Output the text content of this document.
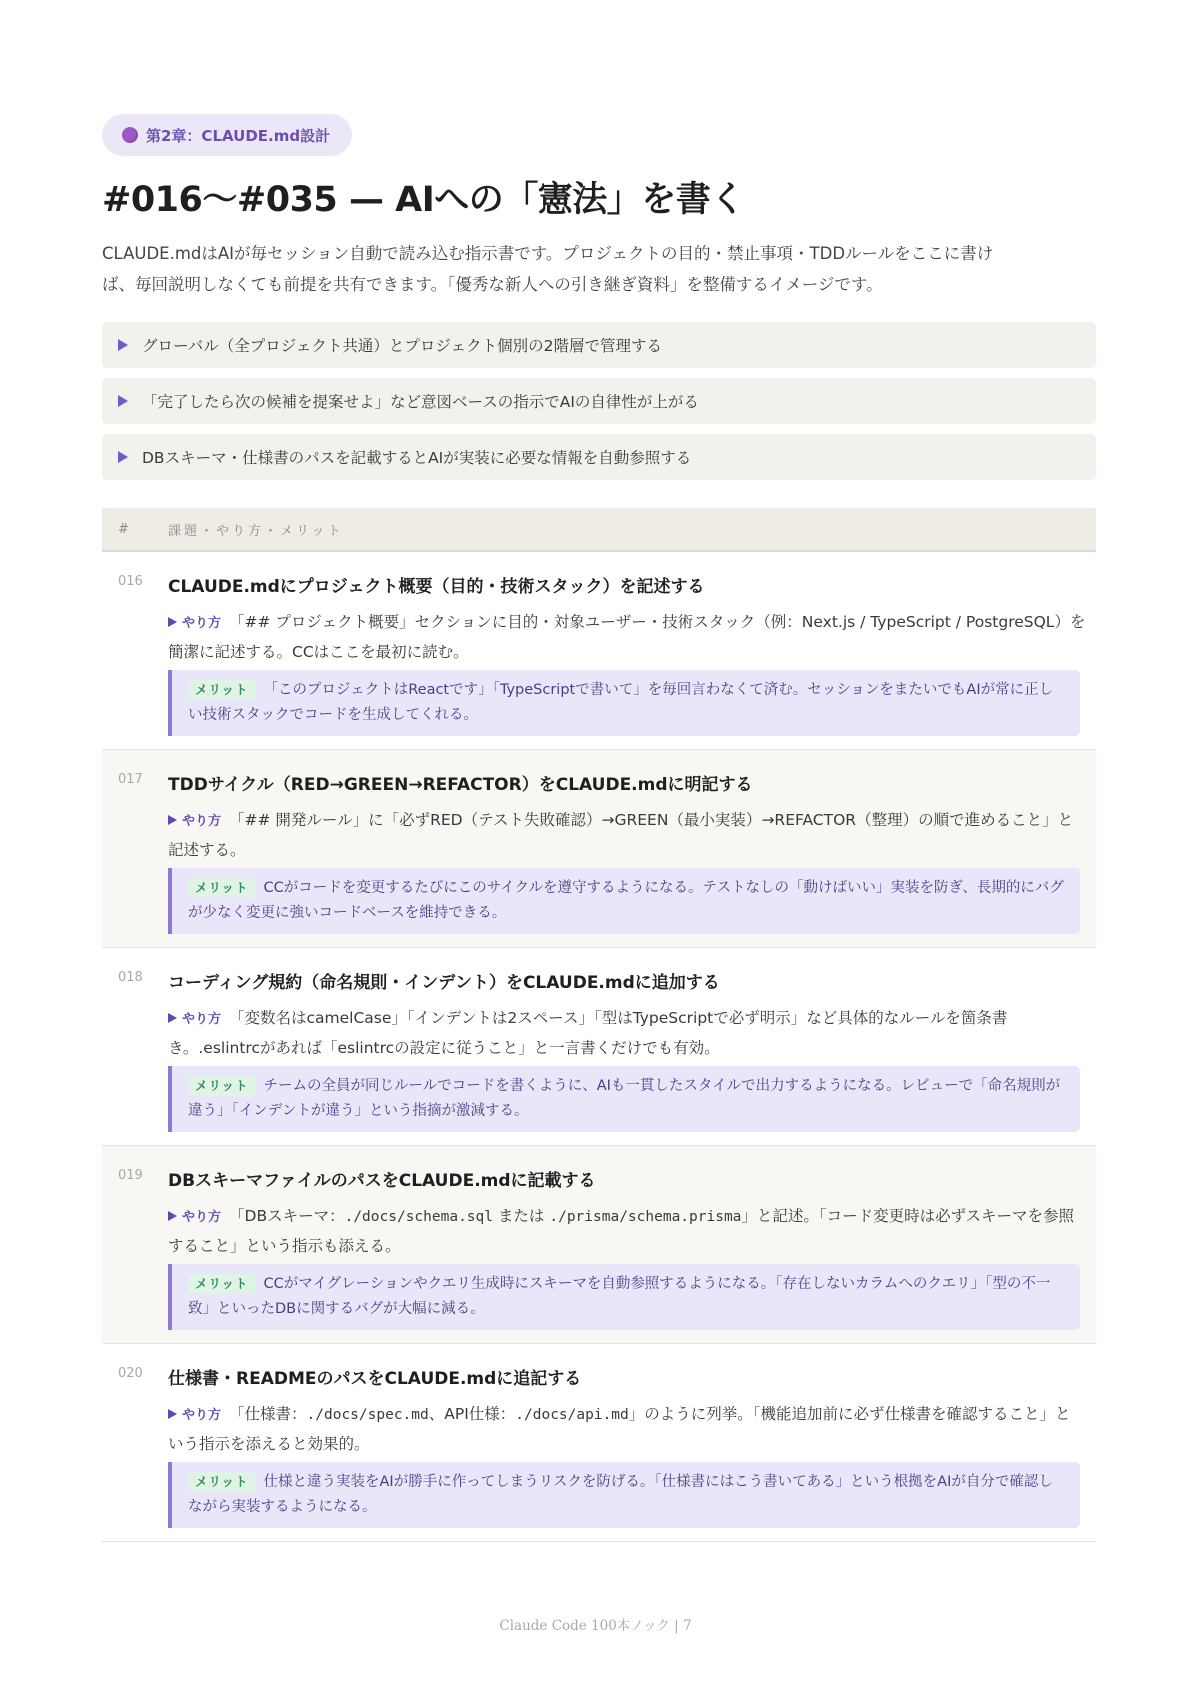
第2章：CLAUDE.md設計
#016〜#035 — AIへの「憲法」を書く

CLAUDE.mdはAIが毎セッション自動で読み込む指示書です。プロジェクトの目的・禁止事項・TDDルールをここに書けば、毎回説明しなくても前提を共有できます。「優秀な新人への引き継ぎ資料」を整備するイメージです。

グローバル（全プロジェクト共通）とプロジェクト個別の2階層で管理する
「完了したら次の候補を提案せよ」など意図ベースの指示でAIの自律性が上がる
DBスキーマ・仕様書のパスを記載するとAIが実装に必要な情報を自動参照する
#	課題・やり方・メリット
016 CLAUDE.mdにプロジェクト概要（目的・技術スタック）を記述する
やり方 「## プロジェクト概要」セクションに目的・対象ユーザー・技術スタック（例：Next.js / TypeScript / PostgreSQL）を簡潔に記述する。CCはここを最初に読む。
メリット 「このプロジェクトはReactです」「TypeScriptで書いて」を毎回言わなくて済む。セッションをまたいでもAIが常に正しい技術スタックでコードを生成してくれる。
017 TDDサイクル（RED→GREEN→REFACTOR）をCLAUDE.mdに明記する
やり方 「## 開発ルール」に「必ずRED（テスト失敗確認）→GREEN（最小実装）→REFACTOR（整理）の順で進めること」と記述する。
メリット CCがコードを変更するたびにこのサイクルを遵守するようになる。テストなしの「動けばいい」実装を防ぎ、長期的にバグが少なく変更に強いコードベースを維持できる。
018 コーディング規約（命名規則・インデント）をCLAUDE.mdに追加する
やり方 「変数名はcamelCase」「インデントは2スペース」「型はTypeScriptで必ず明示」など具体的なルールを箇条書き。.eslintrcがあれば「eslintrcの設定に従うこと」と一言書くだけでも有効。
メリット チームの全員が同じルールでコードを書くように、AIも一貫したスタイルで出力するようになる。レビューで「命名規則が違う」「インデントが違う」という指摘が激減する。
019 DBスキーマファイルのパスをCLAUDE.mdに記載する
やり方 「DBスキーマ：./docs/schema.sql または ./prisma/schema.prisma」と記述。「コード変更時は必ずスキーマを参照すること」という指示も添える。
メリット CCがマイグレーションやクエリ生成時にスキーマを自動参照するようになる。「存在しないカラムへのクエリ」「型の不一致」といったDBに関するバグが大幅に減る。
020 仕様書・READMEのパスをCLAUDE.mdに追記する
やり方 「仕様書：./docs/spec.md、API仕様：./docs/api.md」のように列挙。「機能追加前に必ず仕様書を確認すること」という指示を添えると効果的。
メリット 仕様と違う実装をAIが勝手に作ってしまうリスクを防げる。「仕様書にはこう書いてある」という根拠をAIが自分で確認しながら実装するようになる。
Claude Code 100本ノック | 7
